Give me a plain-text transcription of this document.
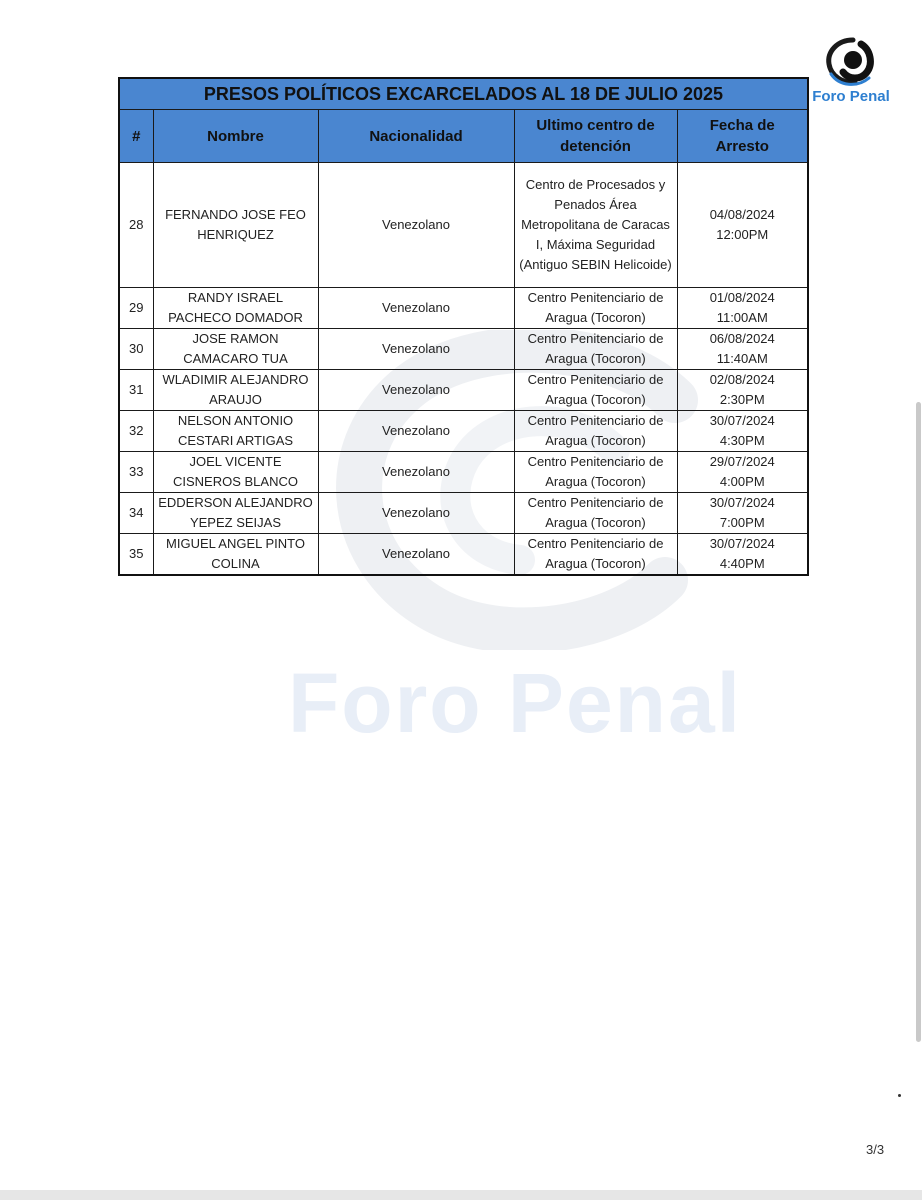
Foro Penal
Foro Penal
PRESOS POLÍTICOS EXCARCELADOS AL 18 DE JULIO 2025				
#	Nombre	Nacionalidad	Ultimo centro de detención	Fecha de Arresto
28	FERNANDO JOSE FEO HENRIQUEZ	Venezolano	Centro de Procesados y Penados Área Metropolitana de Caracas I, Máxima Seguridad (Antiguo SEBIN Helicoide)	04/08/2024
12:00PM

29	RANDY ISRAEL PACHECO DOMADOR	Venezolano	Centro Penitenciario de Aragua (Tocoron)	01/08/2024
11:00AM

30	JOSE RAMON CAMACARO TUA	Venezolano	Centro Penitenciario de Aragua (Tocoron)	06/08/2024
11:40AM

31	WLADIMIR ALEJANDRO ARAUJO	Venezolano	Centro Penitenciario de Aragua (Tocoron)	02/08/2024
2:30PM

32	NELSON ANTONIO CESTARI ARTIGAS	Venezolano	Centro Penitenciario de Aragua (Tocoron)	30/07/2024
4:30PM

33	JOEL VICENTE CISNEROS BLANCO	Venezolano	Centro Penitenciario de Aragua (Tocoron)	29/07/2024
4:00PM

34	EDDERSON ALEJANDRO YEPEZ SEIJAS	Venezolano	Centro Penitenciario de Aragua (Tocoron)	30/07/2024
7:00PM

35	MIGUEL ANGEL PINTO COLINA	Venezolano	Centro Penitenciario de Aragua (Tocoron)	30/07/2024
4:40PM
3/3
